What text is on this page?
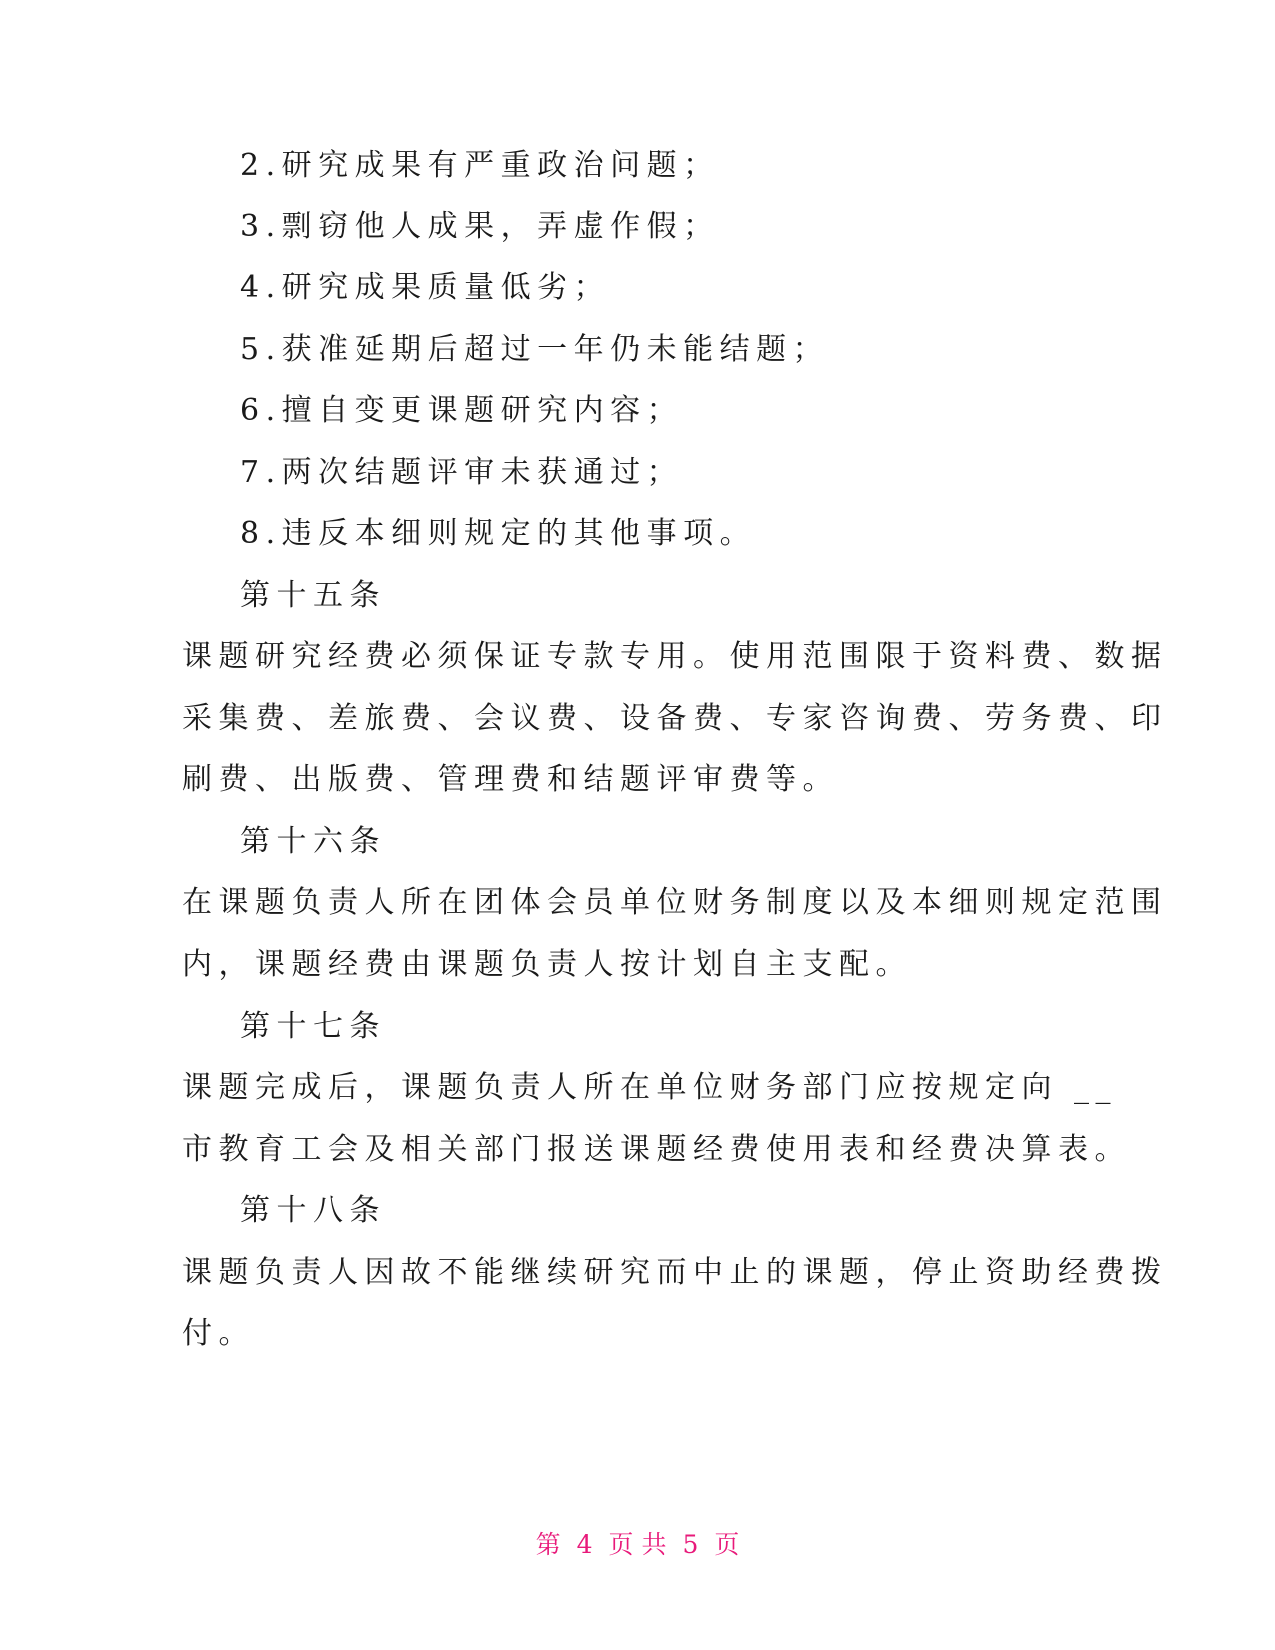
2.研究成果有严重政治问题；

3.剽窃他人成果，弄虚作假；

4.研究成果质量低劣；

5.获准延期后超过一年仍未能结题；

6.擅自变更课题研究内容；

7.两次结题评审未获通过；

8.违反本细则规定的其他事项。

第十五条

课题研究经费必须保证专款专用。使用范围限于资料费、数据

采集费、差旅费、会议费、设备费、专家咨询费、劳务费、印

刷费、出版费、管理费和结题评审费等。

第十六条

在课题负责人所在团体会员单位财务制度以及本细则规定范围

内，课题经费由课题负责人按计划自主支配。

第十七条

课题完成后，课题负责人所在单位财务部门应按规定向 __

市教育工会及相关部门报送课题经费使用表和经费决算表。

第十八条

课题负责人因故不能继续研究而中止的课题，停止资助经费拨

付。

第 4 页 共 5 页
